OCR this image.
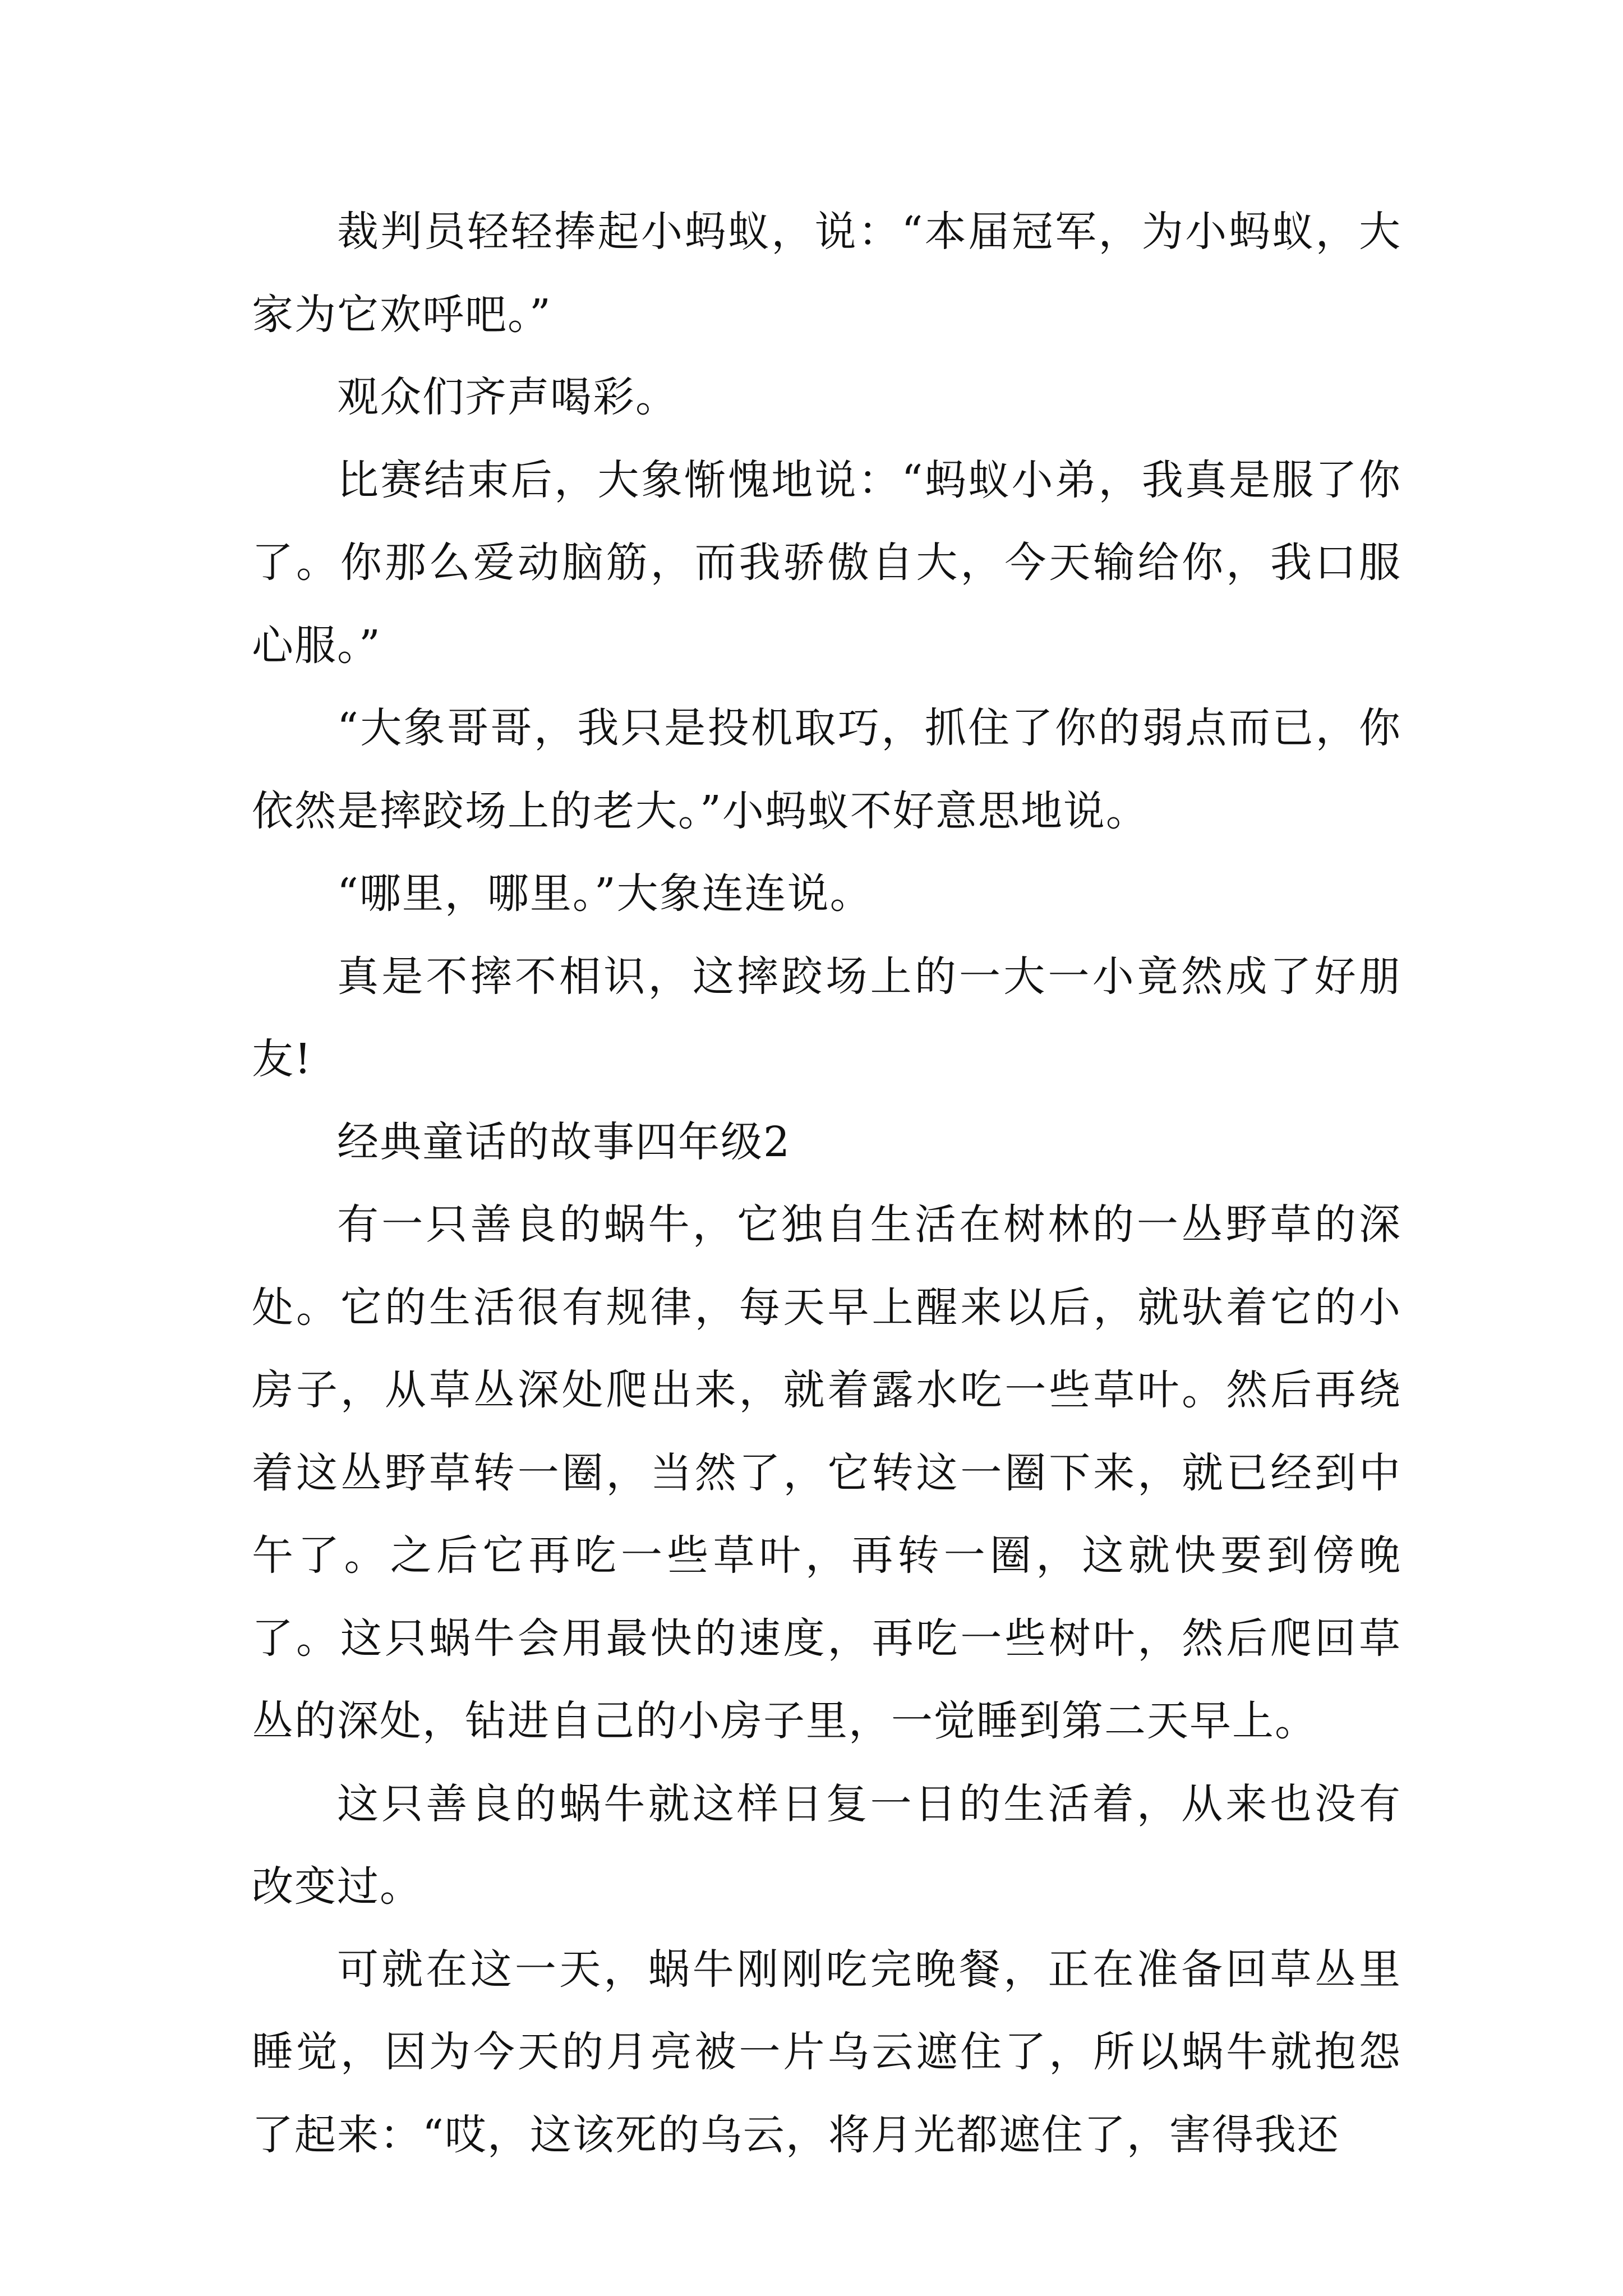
裁判员轻轻捧起小蚂蚁，说：“本届冠军，为小蚂蚁，大家为它欢呼吧。”

观众们齐声喝彩。

比赛结束后，大象惭愧地说：“蚂蚁小弟，我真是服了你了。你那么爱动脑筋，而我骄傲自大，今天输给你，我口服心服。”

“大象哥哥，我只是投机取巧，抓住了你的弱点而已，你依然是摔跤场上的老大。”小蚂蚁不好意思地说。

“哪里，哪里。”大象连连说。

真是不摔不相识，这摔跤场上的一大一小竟然成了好朋友!

经典童话的故事四年级2

有一只善良的蜗牛，它独自生活在树林的一丛野草的深处。它的生活很有规律，每天早上醒来以后，就驮着它的小房子，从草丛深处爬出来，就着露水吃一些草叶。然后再绕着这丛野草转一圈，当然了，它转这一圈下来，就已经到中午了。之后它再吃一些草叶，再转一圈，这就快要到傍晚了。这只蜗牛会用最快的速度，再吃一些树叶，然后爬回草丛的深处，钻进自己的小房子里，一觉睡到第二天早上。

这只善良的蜗牛就这样日复一日的生活着，从来也没有改变过。

可就在这一天，蜗牛刚刚吃完晚餐，正在准备回草丛里睡觉，因为今天的月亮被一片乌云遮住了，所以蜗牛就抱怨了起来：“哎，这该死的乌云，将月光都遮住了，害得我还
